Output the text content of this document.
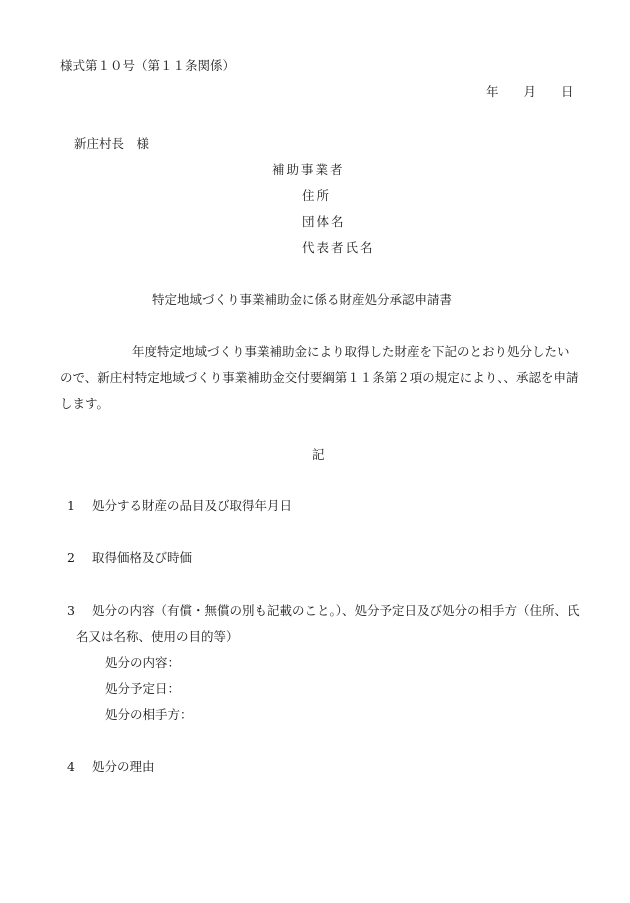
様式第１０号（第１１条関係）
年　　月　　日
新庄村長　様
補助事業者
住所
団体名
代表者氏名
特定地域づくり事業補助金に係る財産処分承認申請書
年度特定地域づくり事業補助金により取得した財産を下記のとおり処分したいので、新庄村特定地域づくり事業補助金交付要綱第１１条第２項の規定により、、承認を申請します。
記
1 処分する財産の品目及び取得年月日
2 取得価格及び時価
3	処分の内容（有償・無償の別も記載のこと。）、処分予定日及び処分の相手方（住所、氏名又は名称、使用の目的等）
処分の内容：
処分予定日：
処分の相手方：
4 処分の理由
